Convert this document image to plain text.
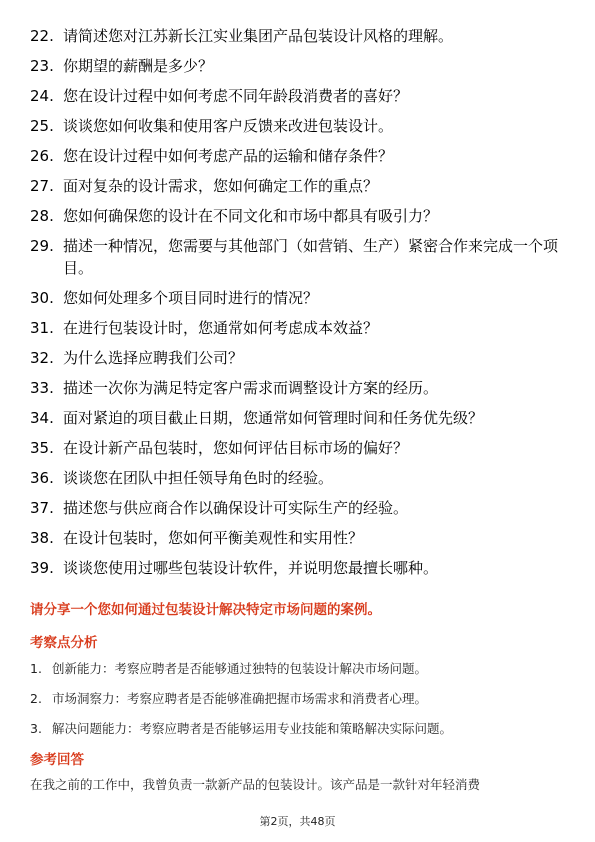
22. 请简述您对江苏新长江实业集团产品包装设计风格的理解。
23. 你期望的薪酬是多少？
24. 您在设计过程中如何考虑不同年龄段消费者的喜好？
25. 谈谈您如何收集和使用客户反馈来改进包装设计。
26. 您在设计过程中如何考虑产品的运输和储存条件？
27. 面对复杂的设计需求，您如何确定工作的重点？
28. 您如何确保您的设计在不同文化和市场中都具有吸引力？
29. 描述一种情况，您需要与其他部门（如营销、生产）紧密合作来完成一个项目。
30. 您如何处理多个项目同时进行的情况？
31. 在进行包装设计时，您通常如何考虑成本效益？
32. 为什么选择应聘我们公司？
33. 描述一次你为满足特定客户需求而调整设计方案的经历。
34. 面对紧迫的项目截止日期，您通常如何管理时间和任务优先级？
35. 在设计新产品包装时，您如何评估目标市场的偏好？
36. 谈谈您在团队中担任领导角色时的经验。
37. 描述您与供应商合作以确保设计可实际生产的经验。
38. 在设计包装时，您如何平衡美观性和实用性？
39. 谈谈您使用过哪些包装设计软件，并说明您最擅长哪种。
请分享一个您如何通过包装设计解决特定市场问题的案例。
考察点分析
1. 创新能力：考察应聘者是否能够通过独特的包装设计解决市场问题。
2. 市场洞察力：考察应聘者是否能够准确把握市场需求和消费者心理。
3. 解决问题能力：考察应聘者是否能够运用专业技能和策略解决实际问题。
参考回答
在我之前的工作中，我曾负责一款新产品的包装设计。该产品是一款针对年轻消费
第2页，共48页
